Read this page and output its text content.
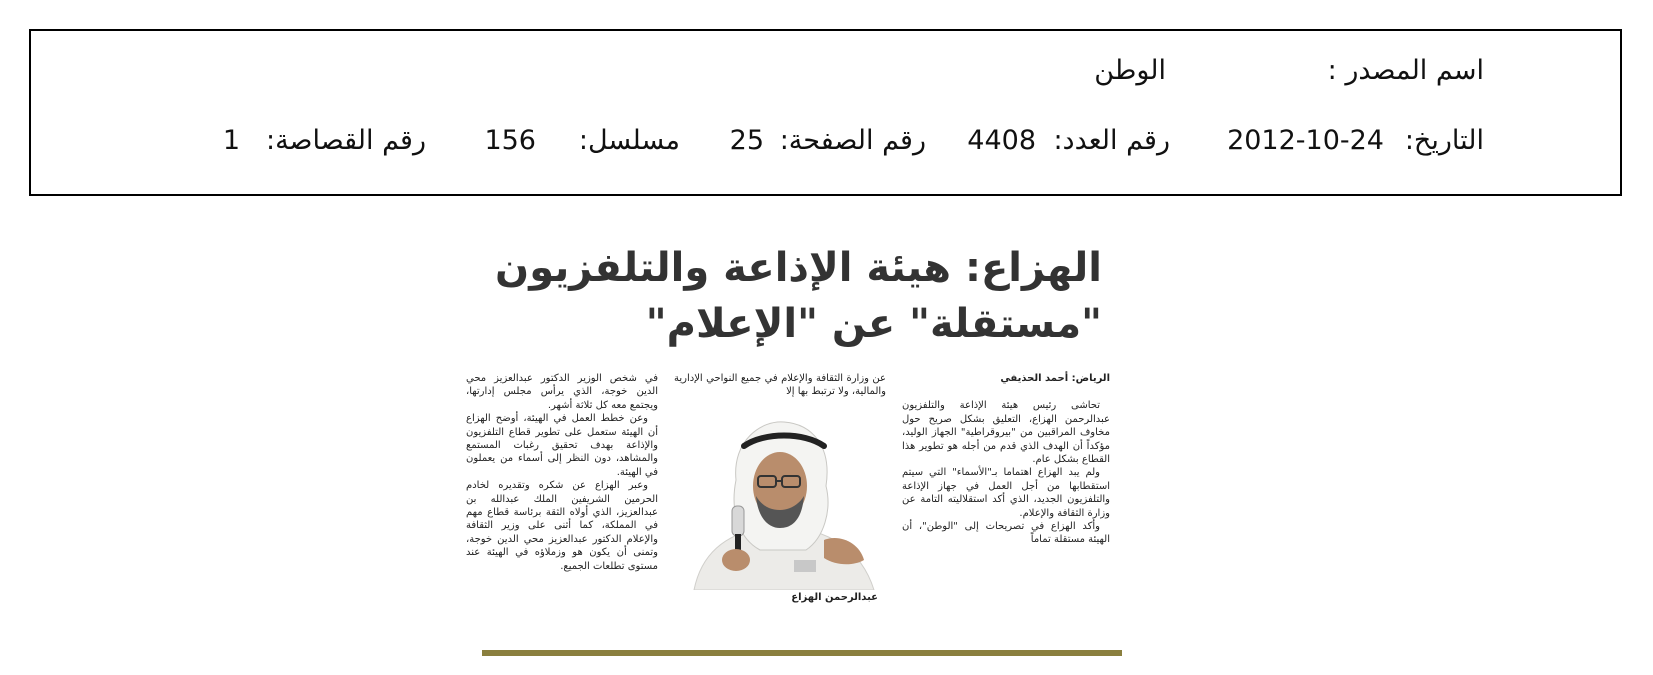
اسم المصدر :
الوطن
التاريخ:
2012-10-24
رقم العدد:
4408
رقم الصفحة:
25
مسلسل:
156
رقم القصاصة:
1
الهزاع: هيئة الإذاعة والتلفزيون
"مستقلة" عن "الإعلام"

الرياض: أحمد الحذيفي

تحاشى رئيس هيئة الإذاعة والتلفزيون عبدالرحمن الهزاع، التعليق بشكل صريح حول مخاوف المراقبين من "بيروقراطية" الجهاز الوليد، مؤكداً أن الهدف الذي قدم من أجله هو تطوير هذا القطاع بشكل عام.

ولم يبد الهزاع اهتماما بـ"الأسماء" التي سيتم استقطابها من أجل العمل في جهاز الإذاعة والتلفزيون الجديد، الذي أكد استقلاليته التامة عن وزارة الثقافة والإعلام.

وأكد الهزاع في تصريحات إلى "الوطن"، أن الهيئة مستقلة تماماً

عن وزارة الثقافة والإعلام في جميع النواحي الإدارية والمالية، ولا ترتبط بها إلا

عبدالرحمن الهزاع

في شخص الوزير الدكتور عبدالعزيز محي الدين خوجة، الذي يرأس مجلس إدارتها، ويجتمع معه كل ثلاثة أشهر.

وعن خطط العمل في الهيئة، أوضح الهزاع أن الهيئة ستعمل على تطوير قطاع التلفزيون والإذاعة بهدف تحقيق رغبات المستمع والمشاهد، دون النظر إلى أسماء من يعملون في الهيئة.

وعبر الهزاع عن شكره وتقديره لخادم الحرمين الشريفين الملك عبدالله بن عبدالعزيز، الذي أولاه الثقة برئاسة قطاع مهم في المملكة، كما أثنى على وزير الثقافة والإعلام الدكتور عبدالعزيز محي الدين خوجة، وتمنى أن يكون هو وزملاؤه في الهيئة عند مستوى تطلعات الجميع.
